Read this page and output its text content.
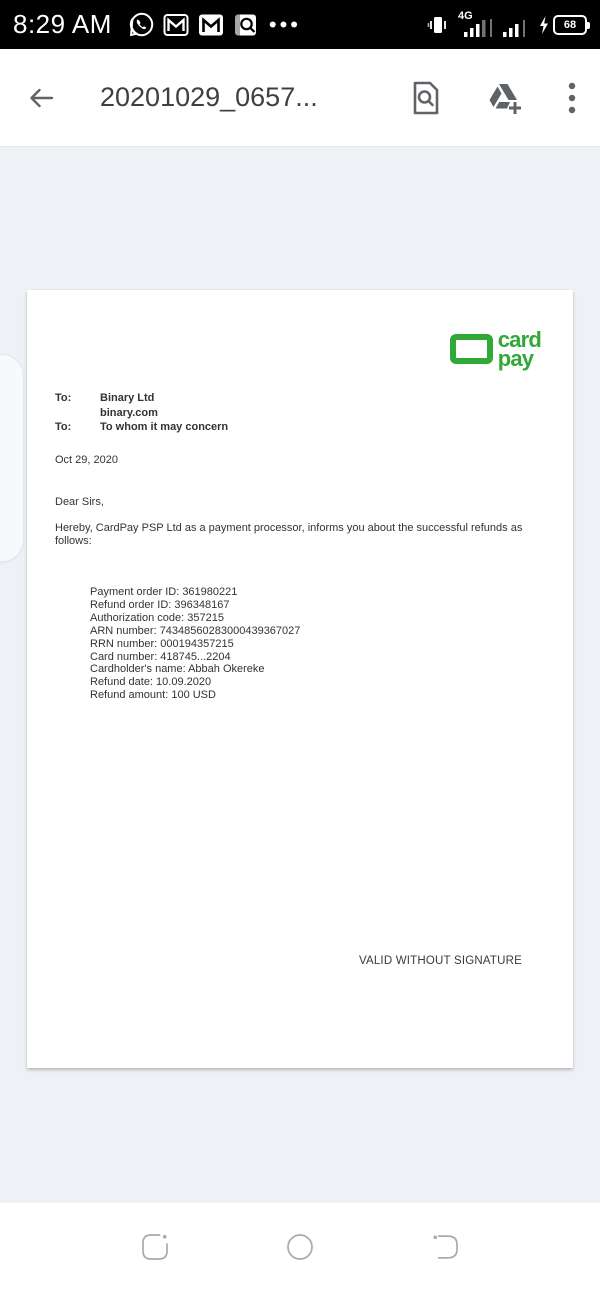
8:29 AM	•••	4G
68
20201029_0657...
card
pay
To:	Binary Ltd
binary.com
To:	To whom it may concern
Oct 29, 2020
Dear Sirs,
Hereby, CardPay PSP Ltd as a payment processor, informs you about the successful refunds as follows:
Payment order ID: 361980221
Refund order ID: 396348167
Authorization code: 357215
ARN number: 74348560283000439367027
RRN number: 000194357215
Card number: 418745...2204
Cardholder's name: Abbah Okereke
Refund date: 10.09.2020
Refund amount: 100 USD
VALID WITHOUT SIGNATURE
